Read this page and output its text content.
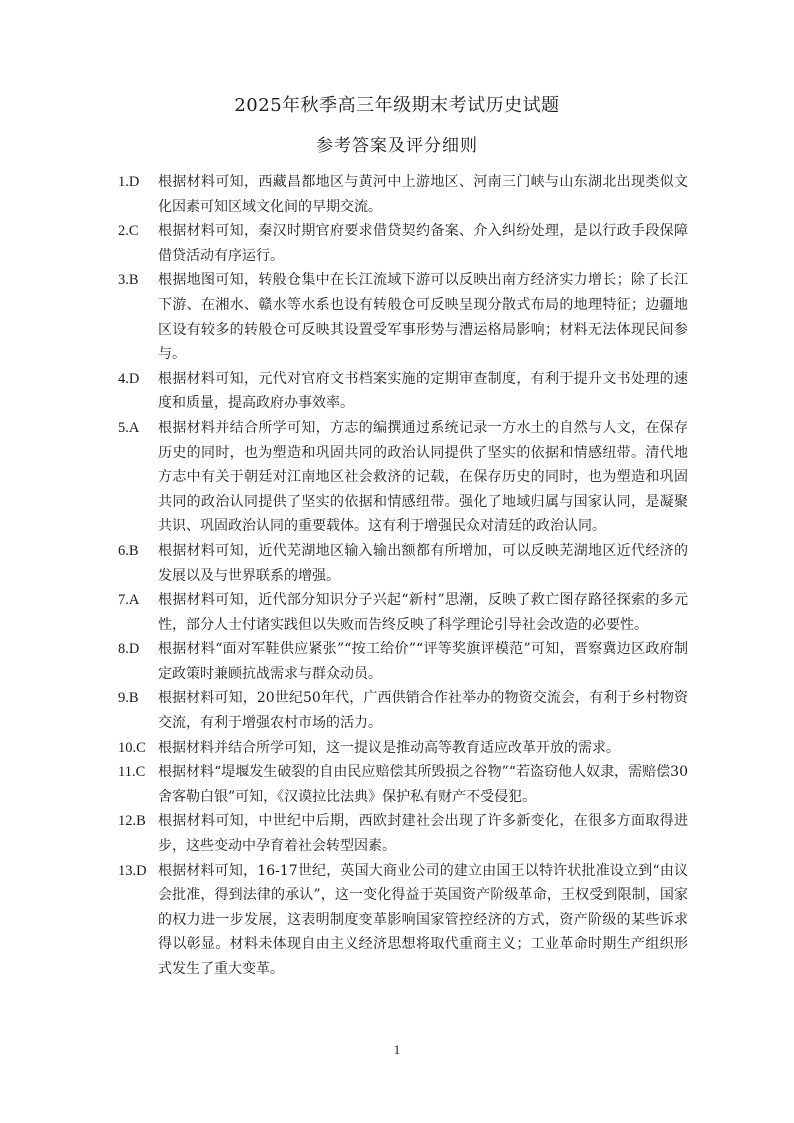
2025年秋季高三年级期末考试历史试题
参考答案及评分细则
1.D 根据材料可知，西藏昌都地区与黄河中上游地区、河南三门峡与山东湖北出现类似文化因素可知区域文化间的早期交流。
2.C 根据材料可知，秦汉时期官府要求借贷契约备案、介入纠纷处理，是以行政手段保障借贷活动有序运行。
3.B 根据地图可知，转般仓集中在长江流域下游可以反映出南方经济实力增长；除了长江下游、在湘水、赣水等水系也设有转般仓可反映呈现分散式布局的地理特征；边疆地区设有较多的转般仓可反映其设置受军事形势与漕运格局影响；材料无法体现民间参与。
4.D 根据材料可知，元代对官府文书档案实施的定期审查制度，有利于提升文书处理的速度和质量，提高政府办事效率。
5.A 根据材料并结合所学可知，方志的编撰通过系统记录一方水土的自然与人文，在保存历史的同时，也为塑造和巩固共同的政治认同提供了坚实的依据和情感纽带。清代地方志中有关于朝廷对江南地区社会救济的记载，在保存历史的同时，也为塑造和巩固共同的政治认同提供了坚实的依据和情感纽带。强化了地域归属与国家认同，是凝聚共识、巩固政治认同的重要载体。这有利于增强民众对清廷的政治认同。
6.B 根据材料可知，近代芜湖地区输入输出额都有所增加，可以反映芜湖地区近代经济的发展以及与世界联系的增强。
7.A 根据材料可知，近代部分知识分子兴起“新村”思潮，反映了救亡图存路径探索的多元性，部分人士付诸实践但以失败而告终反映了科学理论引导社会改造的必要性。
8.D 根据材料“面对军鞋供应紧张”“按工给价”“评等奖旗评模范”可知，晋察冀边区政府制定政策时兼顾抗战需求与群众动员。
9.B 根据材料可知，20世纪50年代，广西供销合作社举办的物资交流会，有利于乡村物资交流，有利于增强农村市场的活力。
10.C 根据材料并结合所学可知，这一提议是推动高等教育适应改革开放的需求。
11.C 根据材料“堤堰发生破裂的自由民应赔偿其所毁损之谷物”“若盗窃他人奴隶，需赔偿30舍客勒白银”可知，《汉谟拉比法典》保护私有财产不受侵犯。
12.B 根据材料可知，中世纪中后期，西欧封建社会出现了许多新变化，在很多方面取得进步，这些变动中孕育着社会转型因素。
13.D 根据材料可知，16-17世纪，英国大商业公司的建立由国王以特许状批准设立到“由议会批准，得到法律的承认”，这一变化得益于英国资产阶级革命，王权受到限制，国家的权力进一步发展，这表明制度变革影响国家管控经济的方式，资产阶级的某些诉求得以彰显。材料未体现自由主义经济思想将取代重商主义；工业革命时期生产组织形式发生了重大变革。
1
